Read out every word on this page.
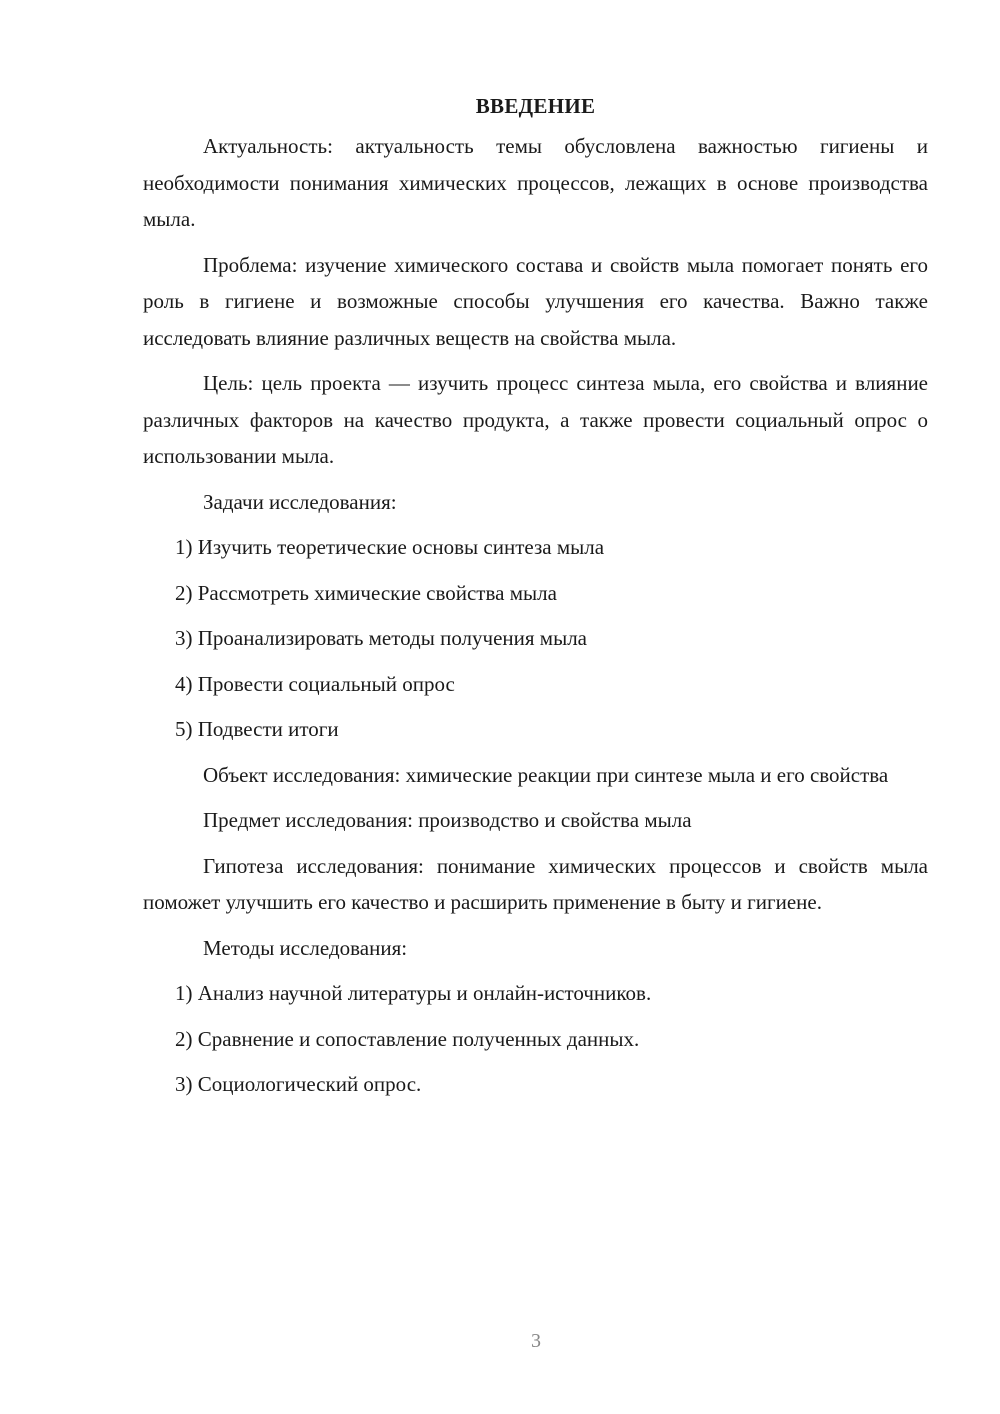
ВВЕДЕНИЕ

Актуальность: актуальность темы обусловлена важностью гигиены и необходимости понимания химических процессов, лежащих в основе производства мыла.

Проблема: изучение химического состава и свойств мыла помогает понять его роль в гигиене и возможные способы улучшения его качества. Важно также исследовать влияние различных веществ на свойства мыла.

Цель: цель проекта — изучить процесс синтеза мыла, его свойства и влияние различных факторов на качество продукта, а также провести социальный опрос о использовании мыла.

Задачи исследования:

1) Изучить теоретические основы синтеза мыла
2) Рассмотреть химические свойства мыла
3) Проанализировать методы получения мыла
4) Провести социальный опрос
5) Подвести итоги

Объект исследования: химические реакции при синтезе мыла и его свойства

Предмет исследования: производство и свойства мыла

Гипотеза исследования: понимание химических процессов и свойств мыла поможет улучшить его качество и расширить применение в быту и гигиене.

Методы исследования:

1) Анализ научной литературы и онлайн-источников.
2) Сравнение и сопоставление полученных данных.
3) Социологический опрос.
3
